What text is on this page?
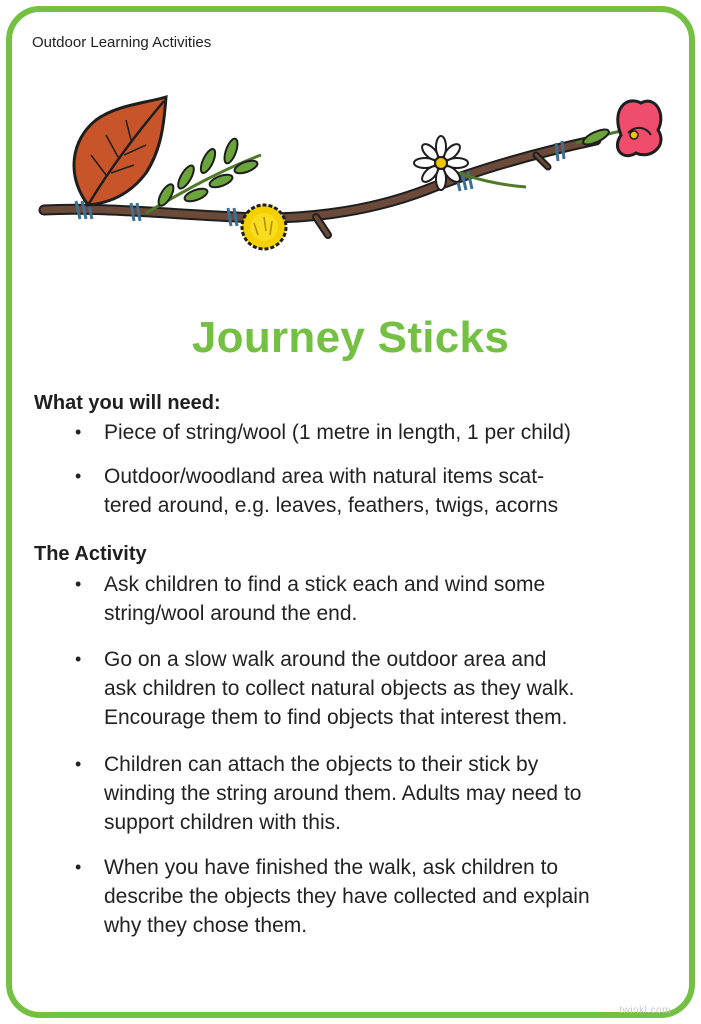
Outdoor Learning Activities
Journey Sticks
What you will need:
•	Piece of string/wool (1 metre in length, 1 per child)
•	Outdoor/woodland area with natural items scat-
tered around, e.g. leaves, feathers, twigs, acorns
The Activity
•	Ask children to find a stick each and wind some
string/wool around the end.
•	Go on a slow walk around the outdoor area and
ask children to collect natural objects as they walk.
Encourage them to find objects that interest them.
•	Children can attach the objects to their stick by
winding the string around them. Adults may need to
support children with this.
•	When you have finished the walk, ask children to
describe the objects they have collected and explain
why they chose them.
twinkl.com
